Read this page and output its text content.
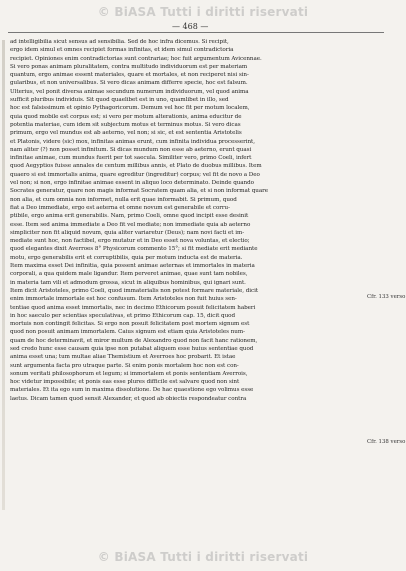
© BiASA Tutti i diritti riservati
— 468 —
ad intelligibilia sicut sensus ad sensibilia. Sed de hoc infra dicemus. Si recipit,
ergo idem simul et omnes recipiet formas infinitas, et idem simul contradictoria
recipiet. Opiniones enim contradictorias sunt contrariae; hoc fuit argumentum Avicennae.
Si vero ponas animam pluralitatem, contra multitudo individuorum est per materiam
quantum, ergo animae essent materiales, quare et mortales, et non reciperet nisi sin-
gularibus, et non universalibus. Si vero dicas animam differre specie, hoc est falsum.
Ulterius, vel ponit diversa animae secundum numerum individuorum, vel quod anima
sufficit pluribus individuis. Sit quod quaelibet est in uno, quamlibet in illo, sed
hoc est falsissimum et opinio Pythagoricorum. Demum vel hoc fit per motum localem,
quia quod mobile est corpus est; si vero per motum alterationis, anima educitur de
potentia materiae, cum idem sit subjectum motus et terminus motus. Si vero dicas
primum, ergo vel mundus est ab aeterno, vel non; si sic, et est sententia Aristotelis
et Platonis, videre (sic) mox, infinitas animas erunt, cum infinita individua processerint,
nam aliter (?) non posset infinitum. Si dicas mundum non esse ab aeterno, erunt quasi
infinitae animae, cum mundus fuerit per tot saecula. Similiter vero, primo Coeli, infert
quod Aegyptios fuisse annales de centum millibus annis, et Plato de duobus millibus. Item
quaero si est immortalis anima, quare egreditur (ingreditur) corpus; vel fit de novo a Deo
vel non; si non, ergo infinitae animae essent in aliquo loco determinato. Deinde quando
Socrates generatur, quare non magis informat Socratem quam alia, et si non informat quare
non alia, et cum omnia non informet, nulla erit quae informabit. Si primum, quod
fiat a Deo immediate, ergo est aeterna et omne novum est generabile et corru-
ptibile, ergo anima erit generabilis. Nam, primo Coeli, omne quod incipit esse desinit
esse. Item sed anima immediate a Deo fit vel mediate; non immediate quia ab aeterno
simpliciter non fit aliquid novum, quia aliter variaretur (Deus); nam novi facti et im-
mediate sunt hoc, non factibel, ergo mutatur et in Deo esset nova voluntas, et electio;
quod elegantes dixit Averroes 8° Physicorum commento 15°; si fit mediate erit mediante
motu, ergo generabilis erit et corruptibilis, quia per motum inducta est de materia.
Item maxima esset Dei infinitia, quia possent animae aeternas et immortales in materia
corporali, a qua quidem male ligandur. Item perveret animae, quae sunt tam nobiles,
in materia tam vili et admodum grossa, sicut in aliquibus hominibus, qui ignari sunt.
Item dicit Aristoteles, primo Coeli, quod immaterialis non potest formare materiale, dicit
enim immortale immortale est hoc confusum. Item Aristoteles non fuit huius sen-
tentiae quod anima esset immortalis, nec in decimo Ethicorum posuit felicitatem haberi
in hoc saeculo per scientias speculativas, et primo Ethicorum cap. 15, dicit quod
mortuis non contingit felicitas. Si ergo non posuit felicitatem post mortem signum est
quod non posuit animam immortalem. Caius signum est etiam quia Aristoteles num-
quam de hoc determinavit, et miror multum de Alexandro quod non facit hanc rationem,
sed credo hunc esse causam quia ipse non putabat aliquem esse huius sententiae quod
anima esset una; tum multae aliae Themistium et Averroes hoc probarit. Et istae
sunt argumenta facta pro utraque parte. Si enim ponis mortalem hoc non est con-
sonum veritati philosophorum et legum; si immortalem et ponis sententiam Averrois,
hoc videtur impossibile; et ponis eas esse plures difficile est salvare quod non sint
materiales. Et ita ego sum in maxima dissolutione. De hac quaestione ego volimus esse
laetus. Dicam tamen quod sensit Alexander, et quod ab obiectis respondeatur contra
Cfr. 133 verso
Cfr. 138 verso
© BiASA Tutti i diritti riservati
